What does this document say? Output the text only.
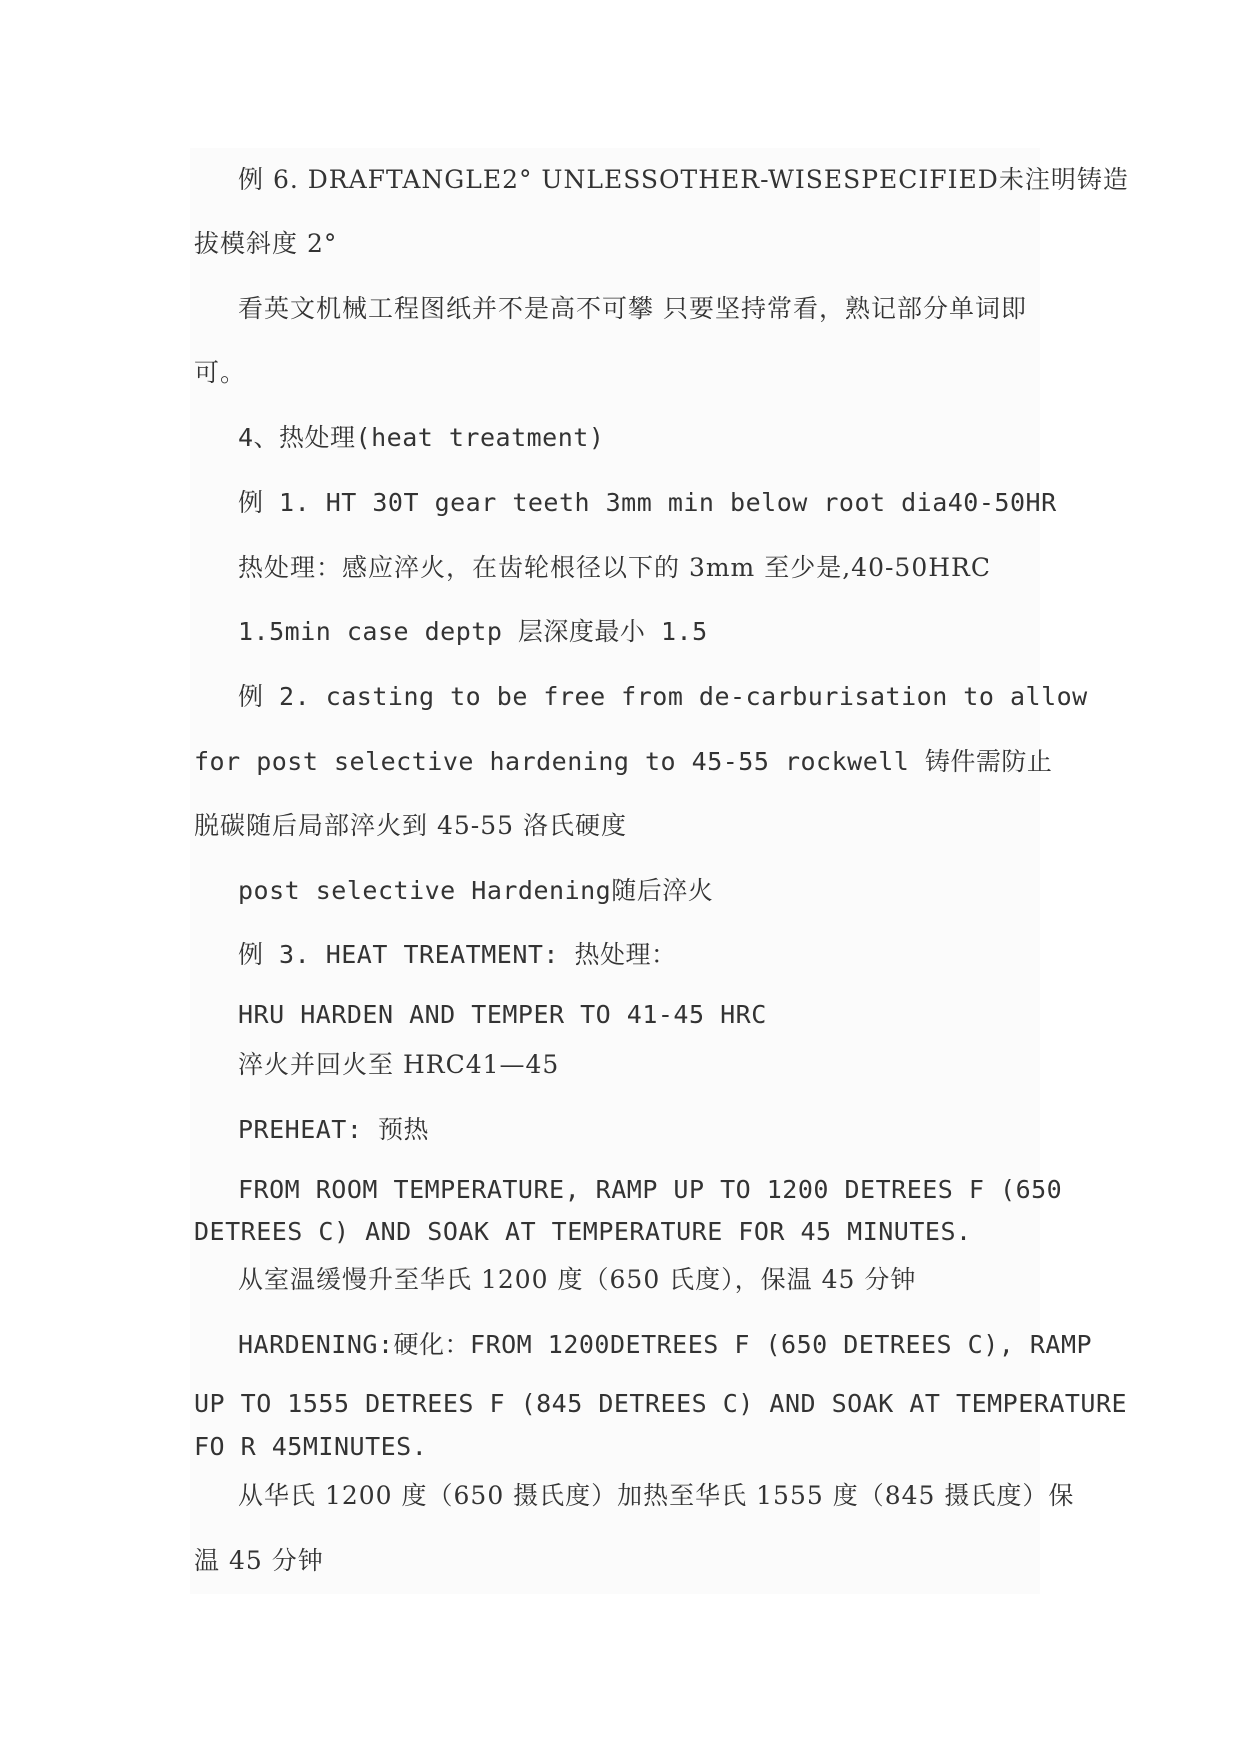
例 6. DRAFTANGLE2° UNLESSOTHER-WISESPECIFIED未注明铸造
拔模斜度 2°
看英文机械工程图纸并不是高不可攀 只要坚持常看，熟记部分单词即
可。
4、热处理(heat treatment)
例 1. HT 30T gear teeth 3mm min below root dia40-50HR
热处理：感应淬火，在齿轮根径以下的 3mm 至少是,40-50HRC
1.5min case deptp 层深度最小 1.5
例 2. casting to be free from de-carburisation to allow
for post selective hardening to 45-55 rockwell 铸件需防止
脱碳随后局部淬火到 45-55 洛氏硬度
post selective Hardening随后淬火
例 3. HEAT TREATMENT: 热处理：
HRU HARDEN AND TEMPER TO 41-45 HRC
淬火并回火至 HRC41—45
PREHEAT: 预热
FROM ROOM TEMPERATURE, RAMP UP TO 1200 DETREES F (650
DETREES C) AND SOAK AT TEMPERATURE FOR 45 MINUTES.
从室温缓慢升至华氏 1200 度（650 氏度），保温 45 分钟
HARDENING:硬化：FROM 1200DETREES F (650 DETREES C), RAMP
UP TO 1555 DETREES F (845 DETREES C) AND SOAK AT TEMPERATURE
FO R 45MINUTES.
从华氏 1200 度（650 摄氏度）加热至华氏 1555 度（845 摄氏度）保
温 45 分钟
